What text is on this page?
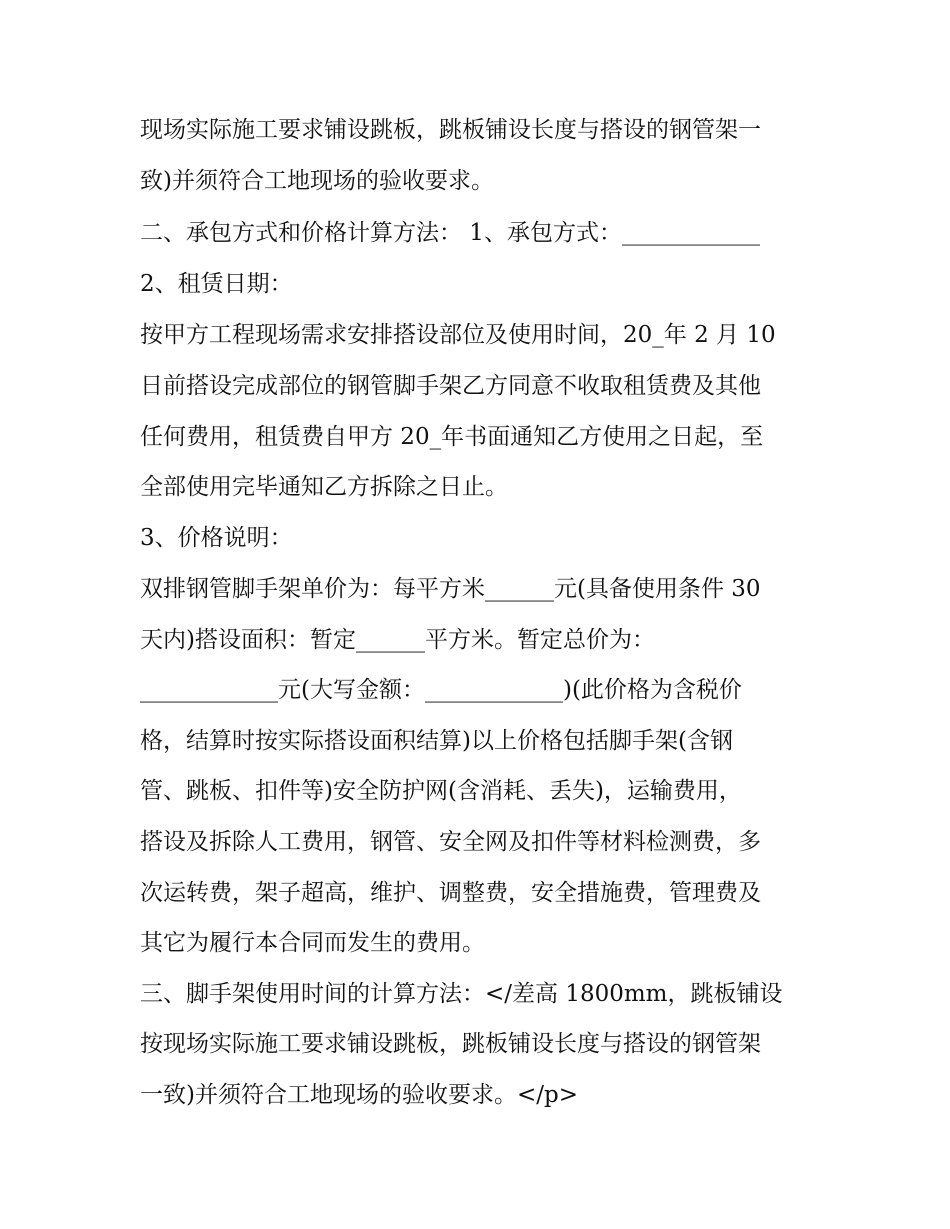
现场实际施工要求铺设跳板，跳板铺设长度与搭设的钢管架一
致)并须符合工地现场的验收要求。
二、承包方式和价格计算方法： 1、承包方式：____________
2、租赁日期：
按甲方工程现场需求安排搭设部位及使用时间，20_年 2 月 10
日前搭设完成部位的钢管脚手架乙方同意不收取租赁费及其他
任何费用，租赁费自甲方 20_年书面通知乙方使用之日起，至
全部使用完毕通知乙方拆除之日止。
3、价格说明：
双排钢管脚手架单价为：每平方米______元(具备使用条件 30
天内)搭设面积：暂定______平方米。暂定总价为：
____________元(大写金额：____________)(此价格为含税价
格，结算时按实际搭设面积结算)以上价格包括脚手架(含钢
管、跳板、扣件等)安全防护网(含消耗、丢失)，运输费用，
搭设及拆除人工费用，钢管、安全网及扣件等材料检测费，多
次运转费，架子超高，维护、调整费，安全措施费，管理费及
其它为履行本合同而发生的费用。
三、脚手架使用时间的计算方法：</差高 1800mm，跳板铺设
按现场实际施工要求铺设跳板，跳板铺设长度与搭设的钢管架
一致)并须符合工地现场的验收要求。</p>
